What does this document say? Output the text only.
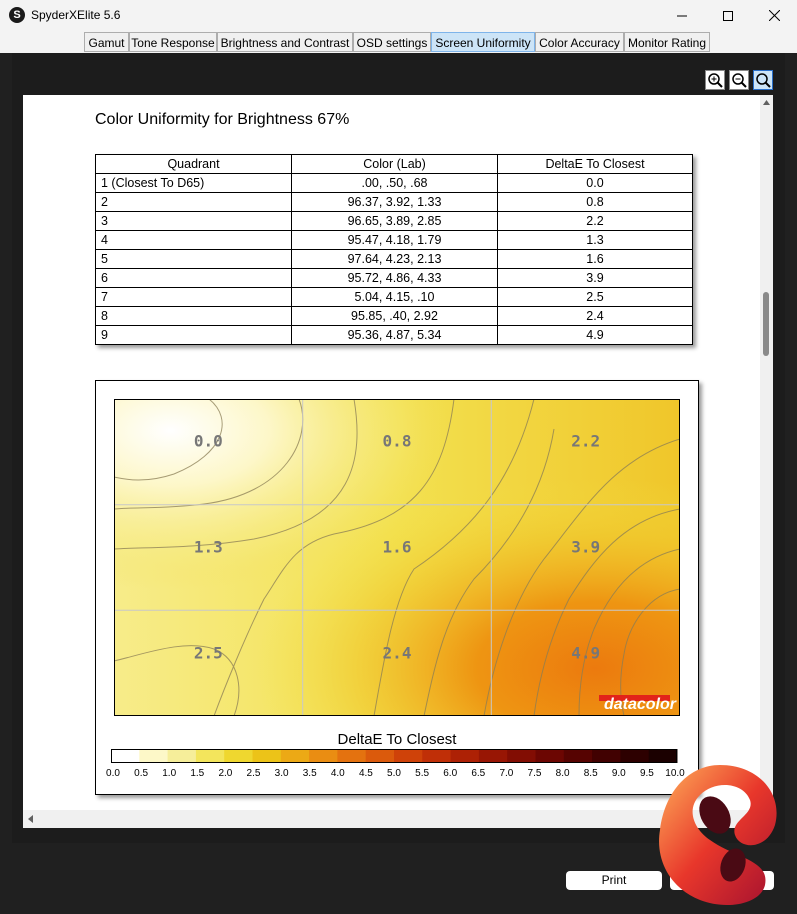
S SpyderXElite 5.6
Gamut Tone Response Brightness and Contrast OSD settings Screen Uniformity Color Accuracy Monitor Rating
Color Uniformity for Brightness 67%
Quadrant	Color (Lab)	DeltaE To Closest
1 (Closest To D65)	.00, .50, .68	0.0
2	96.37, 3.92, 1.33	0.8
3	96.65, 3.89, 2.85	2.2
4	95.47, 4.18, 1.79	1.3
5	97.64, 4.23, 2.13	1.6
6	95.72, 4.86, 4.33	3.9
7	5.04, 4.15, .10	2.5
8	95.85, .40, 2.92	2.4
9	95.36, 4.87, 5.34	4.9
0.0	0.8	2.2
1.3	1.6	3.9
2.5	2.4	4.9
datacolor
DeltaE To Closest
0.0 0.5 1.0 1.5 2.0 2.5 3.0 3.5 4.0 4.5 5.0 5.5 6.0 6.5 7.0 7.5 8.0 8.5 9.0 9.5 10.0
Print
